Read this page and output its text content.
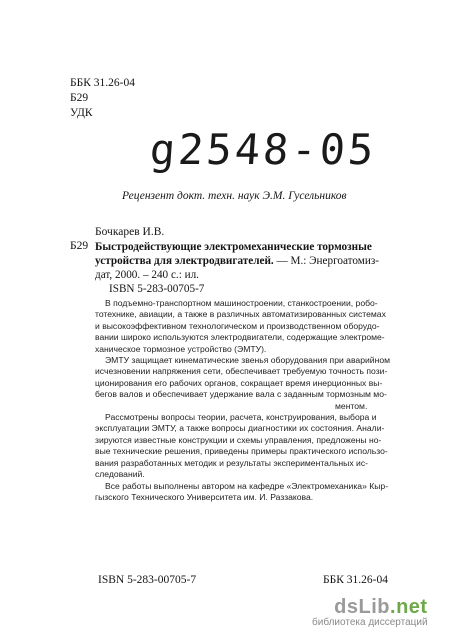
ББК 31.26-04
Б29
УДК
g2548-05
Рецензент докт. техн. наук Э.М. Гусельников
Бочкарев И.В.
Б29 Быстродействующие электромеханические тормозные
устройства для электродвигателей. — М.: Энергоатомиз-
дат, 2000. – 240 с.: ил.
ISBN 5-283-00705-7
В подъемно-транспортном машиностроении, станкостроении, робо-
тотехнике, авиации, а также в различных автоматизированных системах
и высокоэффективном технологическом и производственном оборудо-
вании широко используются электродвигатели, содержащие электроме-
ханическое тормозное устройство (ЭМТУ).
ЭМТУ защищает кинематические звенья оборудования при аварийном
исчезновении напряжения сети, обеспечивает требуемую точность пози-
ционирования его рабочих органов, сокращает время инерционных вы-
бегов валов и обеспечивает удержание вала с заданным тормозным мо-
ментом.
Рассмотрены вопросы теории, расчета, конструирования, выбора и
эксплуатации ЭМТУ, а также вопросы диагностики их состояния. Анали-
зируются известные конструкции и схемы управления, предложены но-
вые технические решения, приведены примеры практического использо-
вания разработанных методик и результаты экспериментальных ис-
следований.
Все работы выполнены автором на кафедре «Электромеханика» Кыр-
гызского Технического Университета им. И. Раззакова.
ISBN 5-283-00705-7	ББК 31.26-04
dsLib.net
библиотека диссертаций
